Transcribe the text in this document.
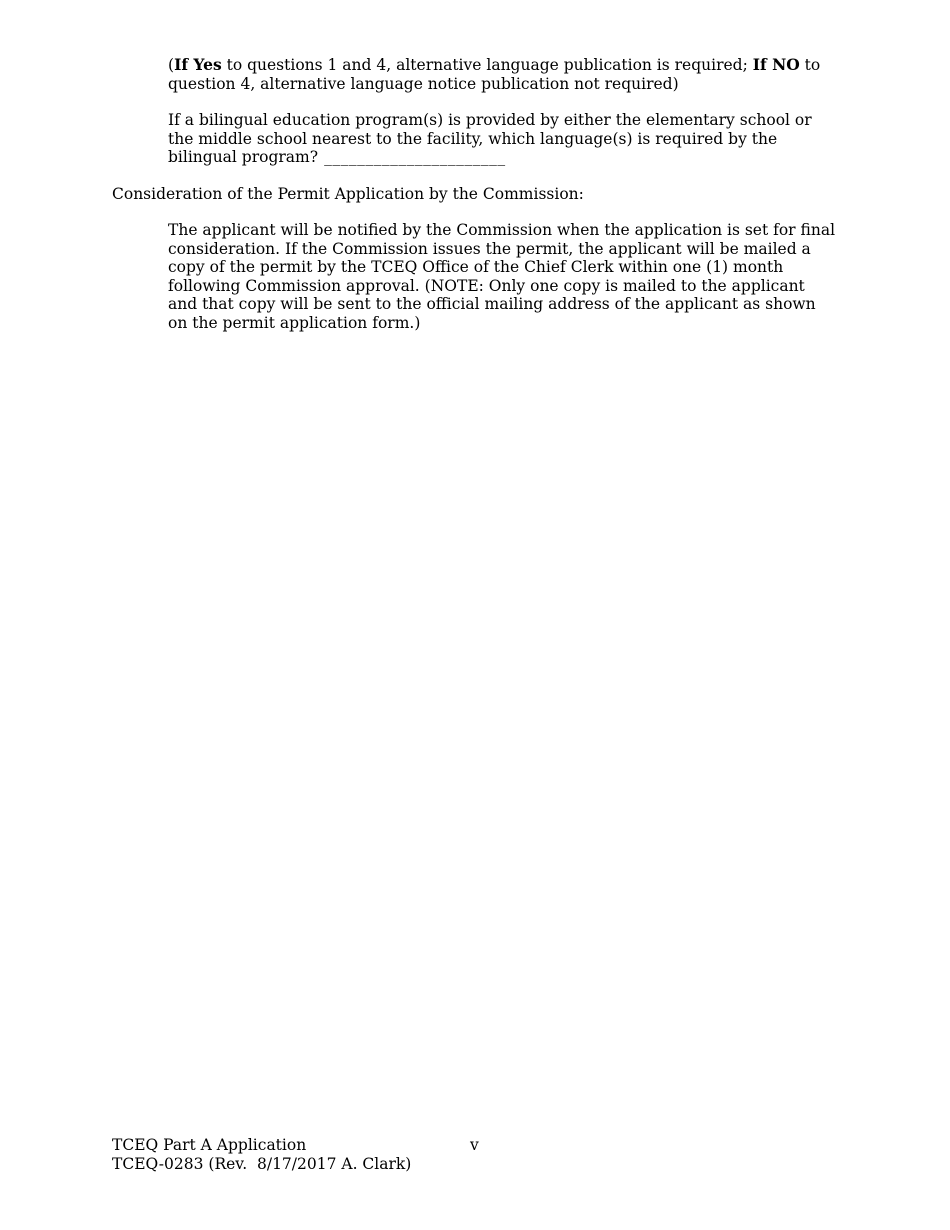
(If Yes to questions 1 and 4, alternative language publication is required; If NO to question 4, alternative language notice publication not required)

If a bilingual education program(s) is provided by either the elementary school or the middle school nearest to the facility, which language(s) is required by the bilingual program? ______________________

Consideration of the Permit Application by the Commission:

The applicant will be notified by the Commission when the application is set for final consideration. If the Commission issues the permit, the applicant will be mailed a copy of the permit by the TCEQ Office of the Chief Clerk within one (1) month following Commission approval. (NOTE: Only one copy is mailed to the applicant and that copy will be sent to the official mailing address of the applicant as shown on the permit application form.)

TCEQ Part A Application
TCEQ-0283 (Rev.  8/17/2017 A. Clark)
v
